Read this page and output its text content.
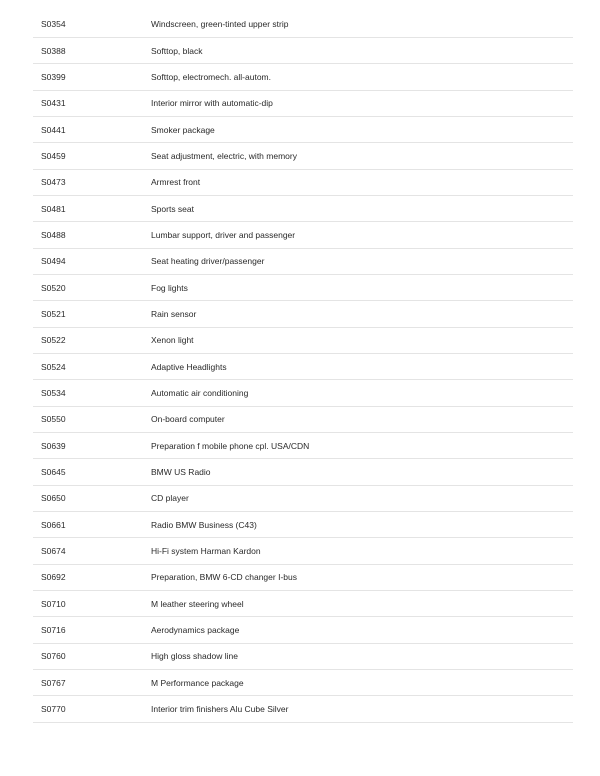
S0354	Windscreen, green-tinted upper strip
S0388	Softtop, black
S0399	Softtop, electromech. all-autom.
S0431	Interior mirror with automatic-dip
S0441	Smoker package
S0459	Seat adjustment, electric, with memory
S0473	Armrest front
S0481	Sports seat
S0488	Lumbar support, driver and passenger
S0494	Seat heating driver/passenger
S0520	Fog lights
S0521	Rain sensor
S0522	Xenon light
S0524	Adaptive Headlights
S0534	Automatic air conditioning
S0550	On-board computer
S0639	Preparation f mobile phone cpl. USA/CDN
S0645	BMW US Radio
S0650	CD player
S0661	Radio BMW Business (C43)
S0674	Hi-Fi system Harman Kardon
S0692	Preparation, BMW 6-CD changer I-bus
S0710	M leather steering wheel
S0716	Aerodynamics package
S0760	High gloss shadow line
S0767	M Performance package
S0770	Interior trim finishers Alu Cube Silver
